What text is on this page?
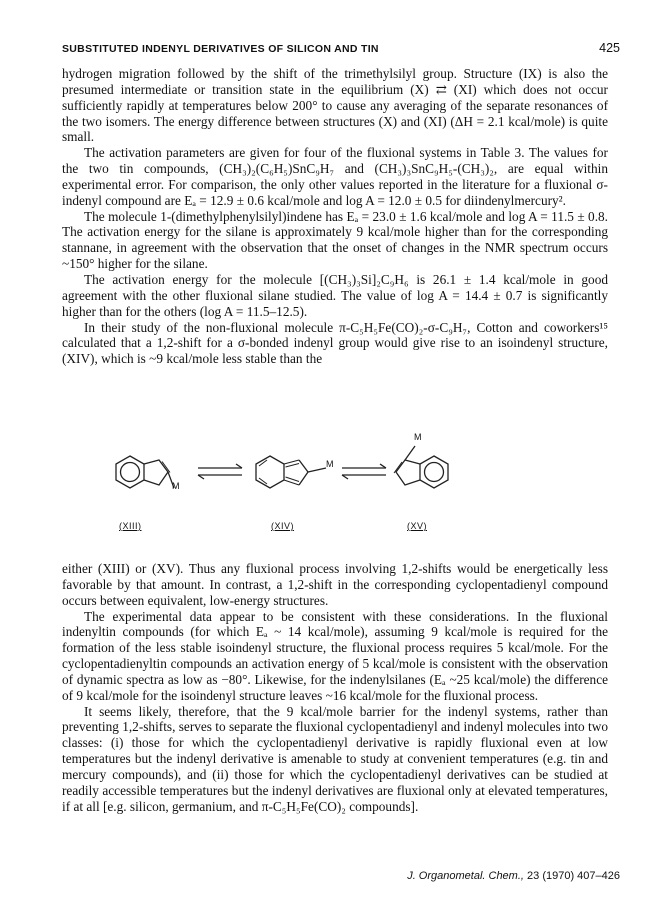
SUBSTITUTED INDENYL DERIVATIVES OF SILICON AND TIN	425

hydrogen migration followed by the shift of the trimethylsilyl group. Structure (IX) is also the presumed intermediate or transition state in the equilibrium (X) ⇄ (XI) which does not occur sufficiently rapidly at temperatures below 200° to cause any averaging of the separate resonances of the two isomers. The energy difference between structures (X) and (XI) (ΔH = 2.1 kcal/mole) is quite small.

The activation parameters are given for four of the fluxional systems in Table 3. The values for the two tin compounds, (CH₃)₂(C₆H₅)SnC₉H₇ and (CH₃)₃SnC₉H₅-(CH₃)₂, are equal within experimental error. For comparison, the only other values reported in the literature for a fluxional σ-indenyl compound are Eₐ = 12.9 ± 0.6 kcal/mole and log A = 12.0 ± 0.5 for diindenylmercury².

The molecule 1-(dimethylphenylsilyl)indene has Eₐ = 23.0 ± 1.6 kcal/mole and log A = 11.5 ± 0.8. The activation energy for the silane is approximately 9 kcal/mole higher than for the corresponding stannane, in agreement with the observation that the onset of changes in the NMR spectrum occurs ~150° higher for the silane.

The activation energy for the molecule [(CH₃)₃Si]₂C₉H₆ is 26.1 ± 1.4 kcal/mole in good agreement with the other fluxional silane studied. The value of log A = 14.4 ± 0.7 is significantly higher than for the others (log A = 11.5–12.5).

In their study of the non-fluxional molecule π-C₅H₅Fe(CO)₂-σ-C₉H₇, Cotton and coworkers¹⁵ calculated that a 1,2-shift for a σ-bonded indenyl group would give rise to an isoindenyl structure, (XIV), which is ~9 kcal/mole less stable than the

M
M
M
(XIII)	(XIV)	(XV)

either (XIII) or (XV). Thus any fluxional process involving 1,2-shifts would be energetically less favorable by that amount. In contrast, a 1,2-shift in the corresponding cyclopentadienyl compound occurs between equivalent, low-energy structures.

The experimental data appear to be consistent with these considerations. In the fluxional indenyltin compounds (for which Eₐ ~ 14 kcal/mole), assuming 9 kcal/mole is required for the formation of the less stable isoindenyl structure, the fluxional process requires 5 kcal/mole. For the cyclopentadienyltin compounds an activation energy of 5 kcal/mole is consistent with the observation of dynamic spectra as low as −80°. Likewise, for the indenylsilanes (Eₐ ~25 kcal/mole) the difference of 9 kcal/mole for the isoindenyl structure leaves ~16 kcal/mole for the fluxional process.

It seems likely, therefore, that the 9 kcal/mole barrier for the indenyl systems, rather than preventing 1,2-shifts, serves to separate the fluxional cyclopentadienyl and indenyl molecules into two classes: (i) those for which the cyclopentadienyl derivative is rapidly fluxional even at low temperatures but the indenyl derivative is amenable to study at convenient temperatures (e.g. tin and mercury compounds), and (ii) those for which the cyclopentadienyl derivatives can be studied at readily accessible temperatures but the indenyl derivatives are fluxional only at elevated temperatures, if at all [e.g. silicon, germanium, and π-C₅H₅Fe(CO)₂ compounds].

J. Organometal. Chem., 23 (1970) 407–426
